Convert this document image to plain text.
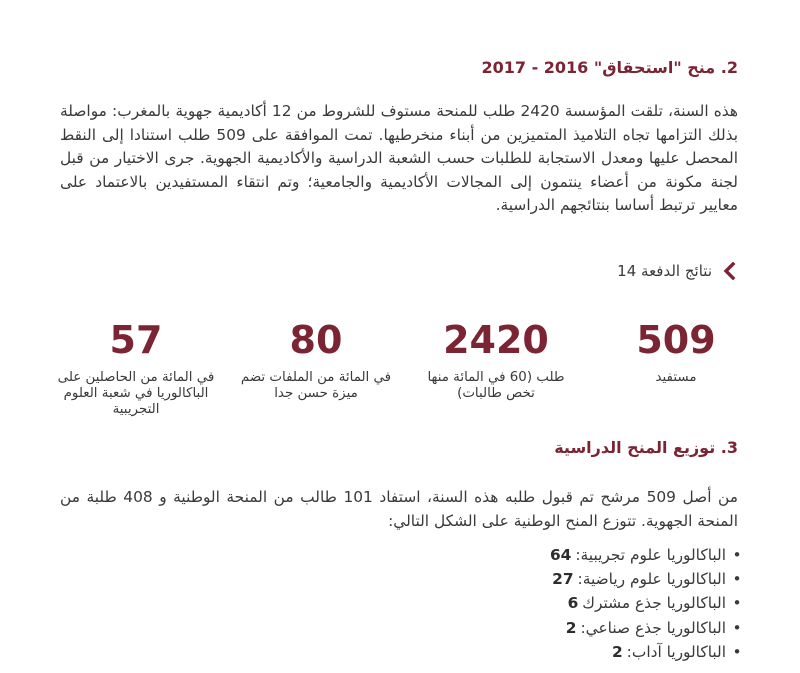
2. منح "استحقاق" 2016 - 2017

هذه السنة، تلقت المؤسسة 2420 طلب للمنحة مستوف للشروط من 12 أكاديمية جهوية بالمغرب: مواصلة بذلك التزامها تجاه التلاميذ المتميزين من أبناء منخرطيها. تمت الموافقة على 509 طلب استنادا إلى النقط المحصل عليها ومعدل الاستجابة للطلبات حسب الشعبة الدراسية والأكاديمية الجهوية. جرى الاختيار من قبل لجنة مكونة من أعضاء ينتمون إلى المجالات الأكاديمية والجامعية؛ وتم انتقاء المستفيدين بالاعتماد على معايير ترتبط أساسا بنتائجهم الدراسية.

نتائج الدفعة 14
509
مستفيد
2420
طلب (60 في المائة منها تخص طالبات)
80
في المائة من الملفات تضم ميزة حسن جدا
57
في المائة من الحاصلين على الباكالوريا في شعبة العلوم التجريبية
3. توزيع المنح الدراسية

من أصل 509 مرشح تم قبول طلبه هذه السنة، استفاد 101 طالب من المنحة الوطنية و 408 طلبة من المنحة الجهوية. تتوزع المنح الوطنية على الشكل التالي:

•
الباكالوريا علوم تجريبية:
64
•
الباكالوريا علوم رياضية:
27
•
الباكالوريا جذع مشترك
6
•
الباكالوريا جذع صناعي:
2
•
الباكالوريا آداب:
2
